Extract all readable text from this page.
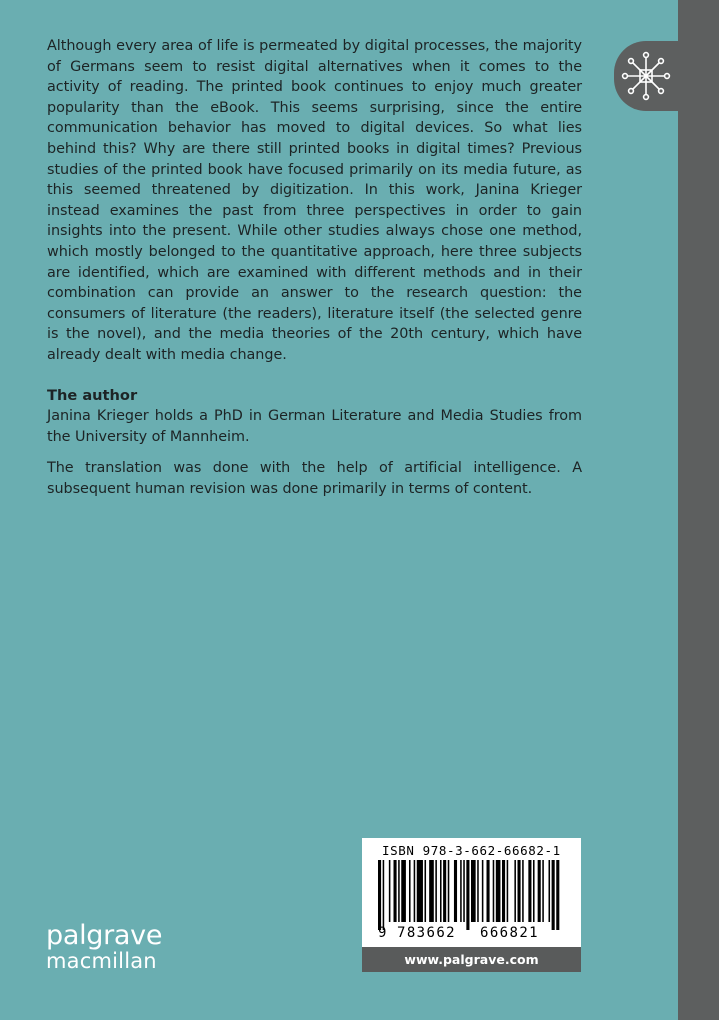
Although every area of life is permeated by digital processes, the majority of Germans seem to resist digital alternatives when it comes to the activity of reading. The printed book continues to enjoy much greater popularity than the eBook. This seems surprising, since the entire communication behavior has moved to digital devices. So what lies behind this? Why are there still printed books in digital times? Previous studies of the printed book have focused primarily on its media future, as this seemed threatened by digitization. In this work, Janina Krieger instead examines the past from three perspectives in order to gain insights into the present. While other studies always chose one method, which mostly belonged to the quantitative approach, here three subjects are identified, which are examined with different methods and in their combination can provide an answer to the research question: the consumers of literature (the readers), literature itself (the selected genre is the novel), and the media theories of the 20th century, which have already dealt with media change.

The author

Janina Krieger holds a PhD in German Literature and Media Studies from the University of Mannheim.

The translation was done with the help of artificial intelligence. A subsequent human revision was done primarily in terms of content.

ISBN 978-3-662-66682-1
9 783662 666821
www.palgrave.com
palgrave
macmillan
